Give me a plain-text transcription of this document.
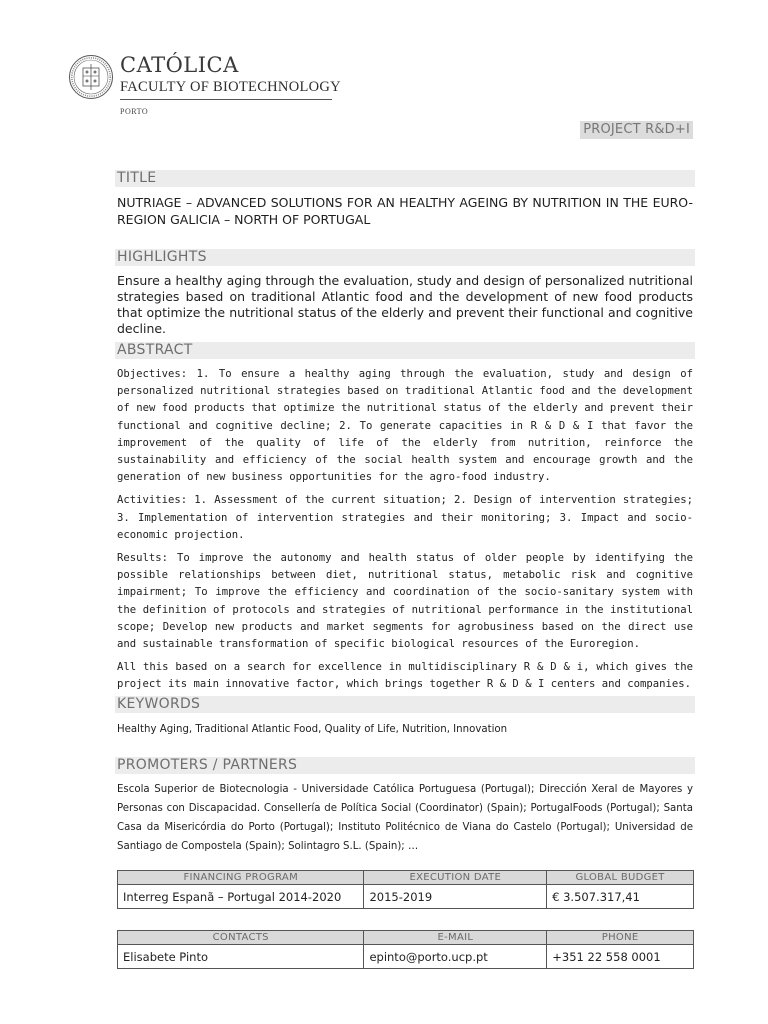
CATÓLICA
FACULTY OF BIOTECHNOLOGY
PORTO
PROJECT R&D+I
TITLE
NUTRIAGE – ADVANCED SOLUTIONS FOR AN HEALTHY AGEING BY NUTRITION IN THE EURO-REGION GALICIA – NORTH OF PORTUGAL
HIGHLIGHTS
Ensure a healthy aging through the evaluation, study and design of personalized nutritional strategies based on traditional Atlantic food and the development of new food products that optimize the nutritional status of the elderly and prevent their functional and cognitive decline.
ABSTRACT

Objectives: 1. To ensure a healthy aging through the evaluation, study and design of personalized nutritional strategies based on traditional Atlantic food and the development of new food products that optimize the nutritional status of the elderly and prevent their functional and cognitive decline; 2. To generate capacities in R & D & I that favor the improvement of the quality of life of the elderly from nutrition, reinforce the sustainability and efficiency of the social health system and encourage growth and the generation of new business opportunities for the agro-food industry.

Activities: 1. Assessment of the current situation; 2. Design of intervention strategies; 3. Implementation of intervention strategies and their monitoring; 3. Impact and socio-economic projection.

Results: To improve the autonomy and health status of older people by identifying the possible relationships between diet, nutritional status, metabolic risk and cognitive impairment; To improve the efficiency and coordination of the socio-sanitary system with the definition of protocols and strategies of nutritional performance in the institutional scope; Develop new products and market segments for agrobusiness based on the direct use and sustainable transformation of specific biological resources of the Euroregion.

All this based on a search for excellence in multidisciplinary R & D & i, which gives the project its main innovative factor, which brings together R & D & I centers and companies.

KEYWORDS
Healthy Aging, Traditional Atlantic Food, Quality of Life, Nutrition, Innovation
PROMOTERS / PARTNERS
Escola Superior de Biotecnologia - Universidade Católica Portuguesa (Portugal); Dirección Xeral de Mayores y Personas con Discapacidad. Consellería de Política Social (Coordinator) (Spain); PortugalFoods (Portugal); Santa Casa da Misericórdia do Porto (Portugal); Instituto Politécnico de Viana do Castelo (Portugal); Universidad de Santiago de Compostela (Spain); Solintagro S.L. (Spain); …
FINANCING PROGRAM	EXECUTION DATE	GLOBAL BUDGET
Interreg Espanã – Portugal 2014-2020	2015-2019	€ 3.507.317,41
CONTACTS	E-MAIL	PHONE
Elisabete Pinto	epinto@porto.ucp.pt	+351 22 558 0001
